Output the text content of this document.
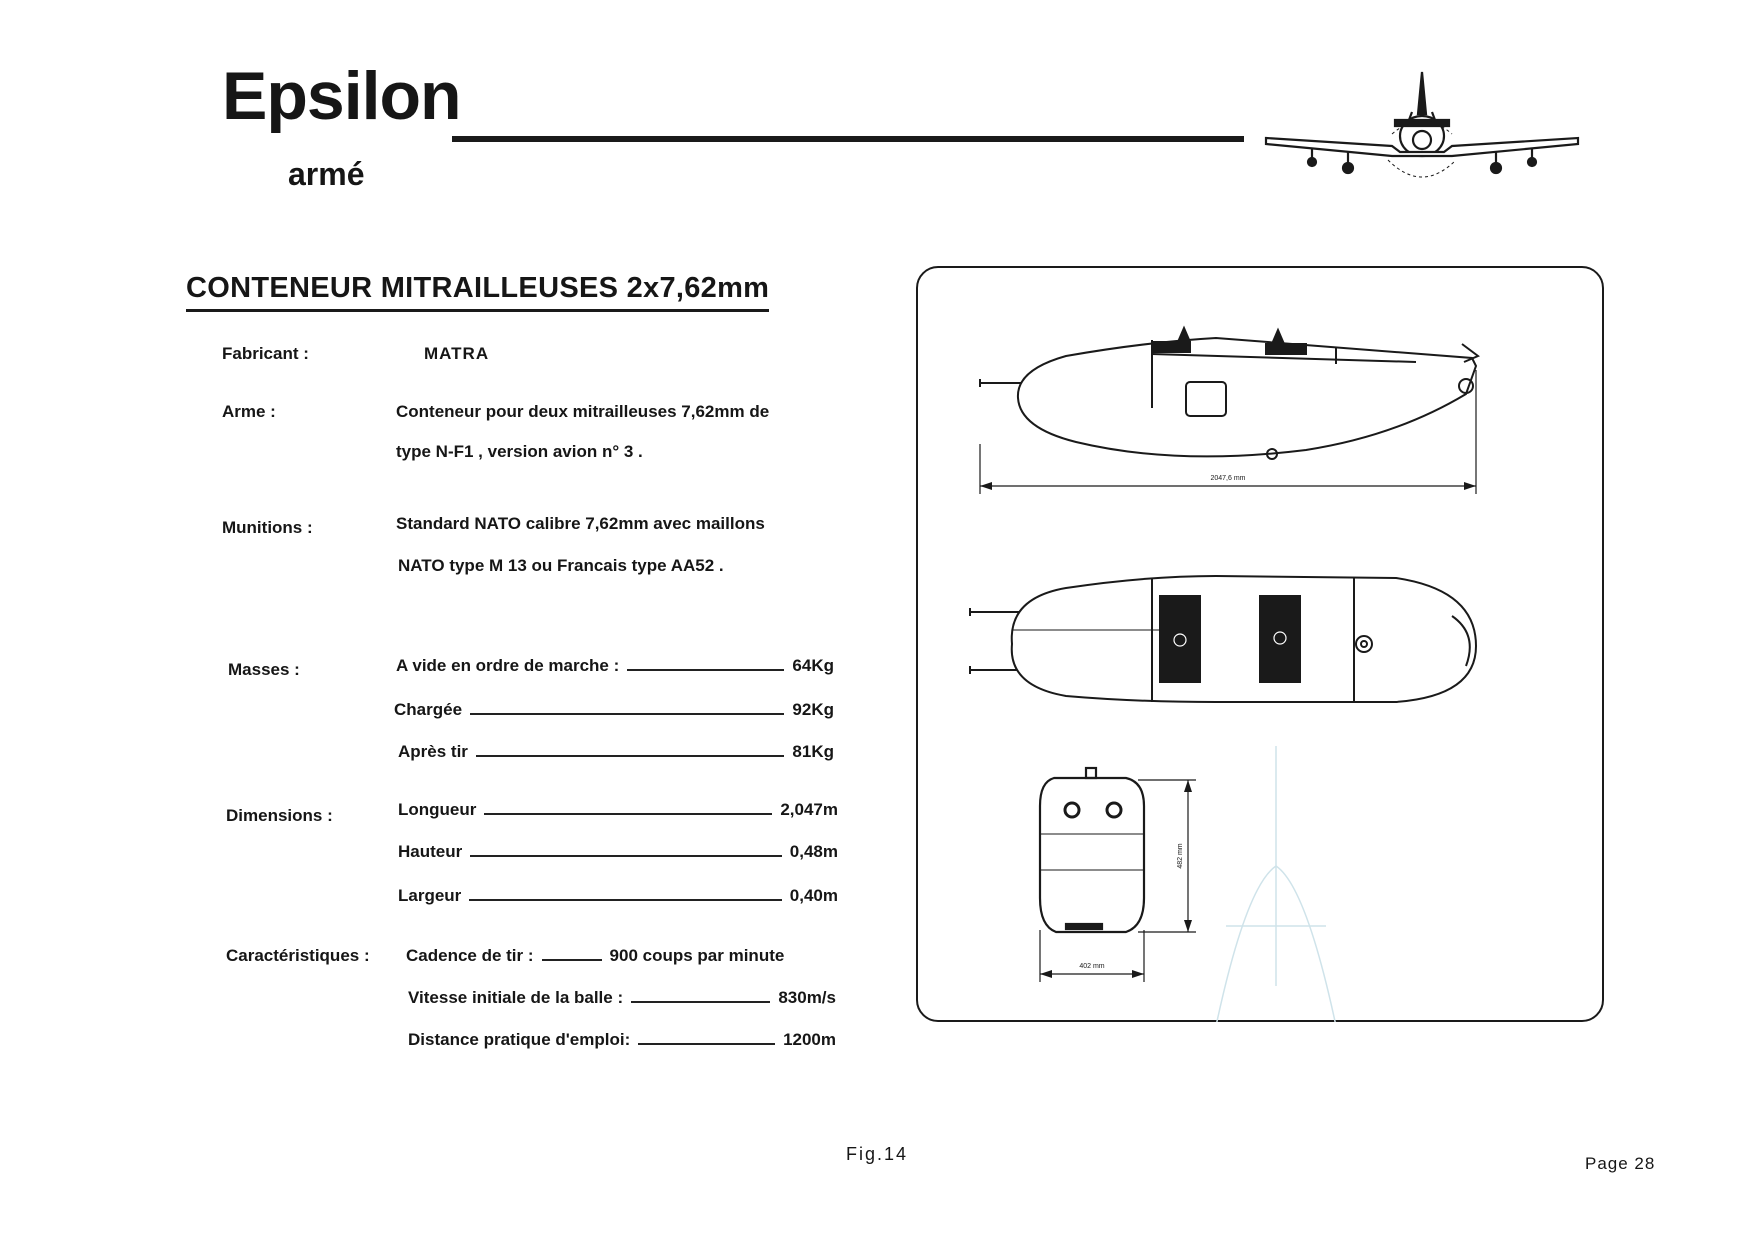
Epsilon
armé
CONTENEUR MITRAILLEUSES 2x7,62mm
Fabricant :	MATRA
Arme :	Conteneur pour deux mitrailleuses 7,62mm de
type N-F1 , version avion n° 3 .
Munitions :	Standard NATO calibre 7,62mm avec maillons
NATO type M 13 ou Francais type AA52 .
Masses :	A vide en ordre de marche :	64Kg
Chargée	92Kg
Après tir	81Kg
Dimensions :	Longueur	2,047m
Hauteur	0,48m
Largeur	0,40m
Caractéristiques : Cadence de tir :	900 coups par minute
Vitesse initiale de la balle :	830m/s
Distance pratique d'emploi:	1200m
2047,6 mm
482 mm
402 mm
Fig.14	Page 28
